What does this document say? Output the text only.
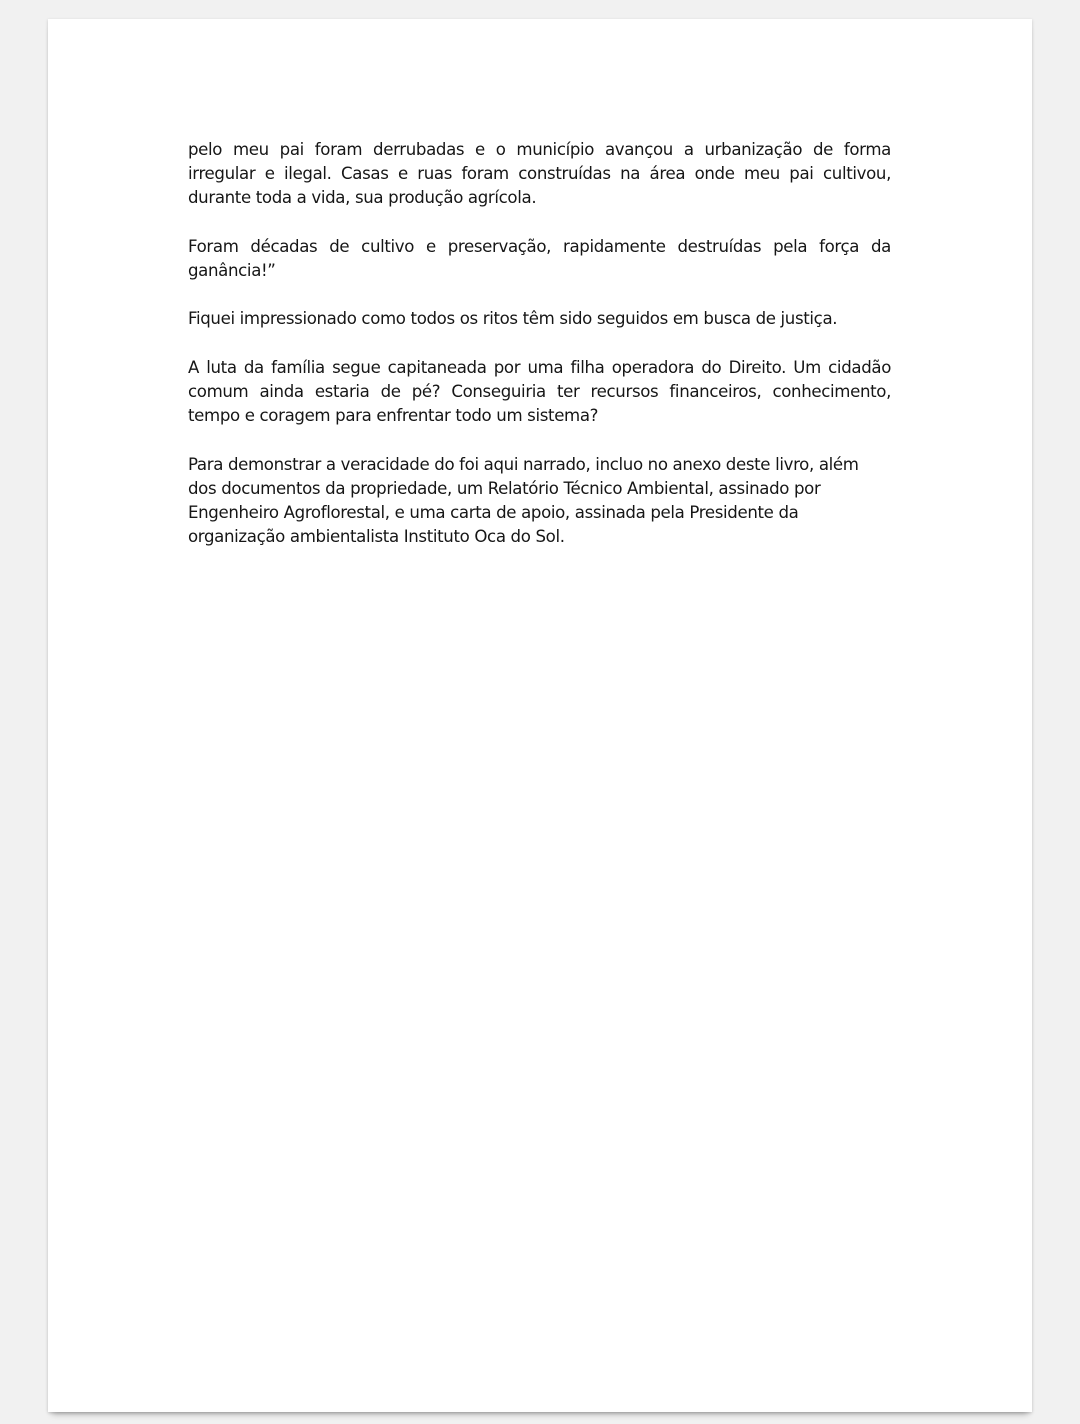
pelo meu pai foram derrubadas e o município avançou a urbanização de forma irregular e ilegal. Casas e ruas foram construídas na área onde meu pai cultivou, durante toda a vida, sua produção agrícola.

Foram décadas de cultivo e preservação, rapidamente destruídas pela força da ganância!”

Fiquei impressionado como todos os ritos têm sido seguidos em busca de justiça.

A luta da família segue capitaneada por uma filha operadora do Direito. Um cidadão comum ainda estaria de pé? Conseguiria ter recursos financeiros, conhecimento, tempo e coragem para enfrentar todo um sistema?

Para demonstrar a veracidade do foi aqui narrado, incluo no anexo deste livro, além dos documentos da propriedade, um Relatório Técnico Ambiental, assinado por Engenheiro Agroflorestal, e uma carta de apoio, assinada pela Presidente da organização ambientalista Instituto Oca do Sol.
